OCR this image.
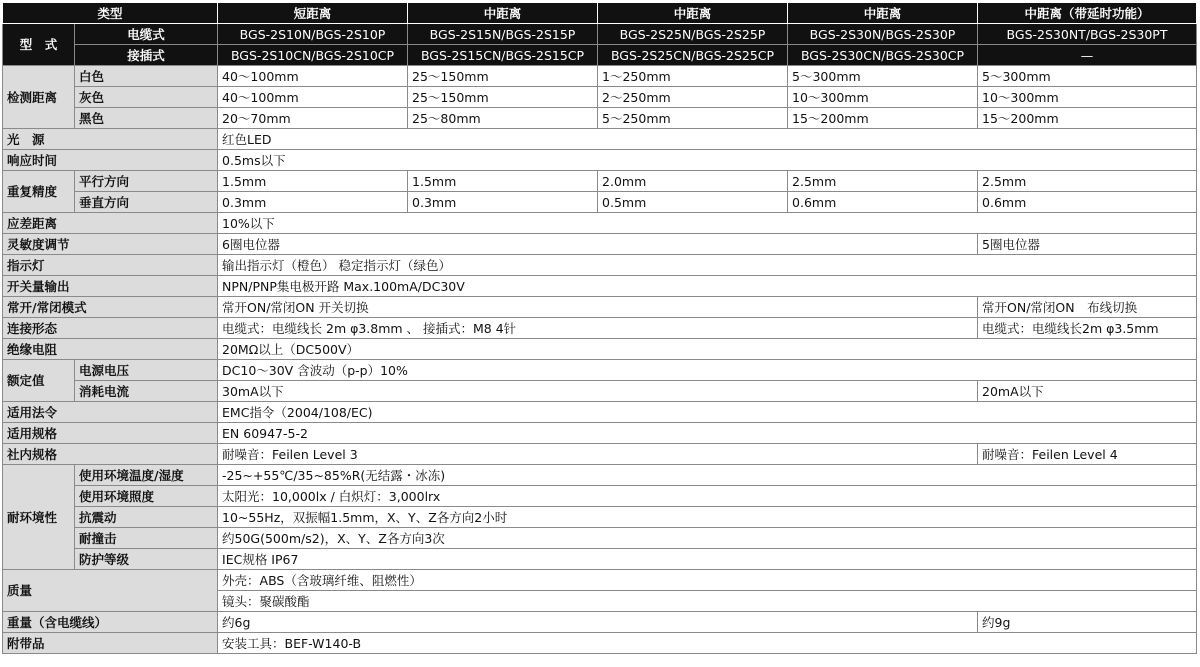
类型		短距离	中距离	中距离	中距离	中距离（带延时功能）
型　式	电缆式	BGS-2S10N/BGS-2S10P	BGS-2S15N/BGS-2S15P	BGS-2S25N/BGS-2S25P	BGS-2S30N/BGS-2S30P	BGS-2S30NT/BGS-2S30PT
	接插式	BGS-2S10CN/BGS-2S10CP	BGS-2S15CN/BGS-2S15CP	BGS-2S25CN/BGS-2S25CP	BGS-2S30CN/BGS-2S30CP	—
检测距离	白色	40～100mm	25～150mm	1～250mm	5～300mm	5～300mm
	灰色	40～100mm	25～150mm	2～250mm	10～300mm	10～300mm
	黑色	20～70mm	25～80mm	5～250mm	15～200mm	15～200mm
光　源		红色LED				
响应时间		0.5ms以下				
重复精度	平行方向	1.5mm	1.5mm	2.0mm	2.5mm	2.5mm
	垂直方向	0.3mm	0.3mm	0.5mm	0.6mm	0.6mm
应差距离		10%以下				
灵敏度调节		6圈电位器				5圈电位器
指示灯		输出指示灯（橙色） 稳定指示灯（绿色）				
开关量输出		NPN/PNP集电极开路 Max.100mA/DC30V				
常开/常闭模式		常开ON/常闭ON 开关切换				常开ON/常闭ON　布线切换
连接形态		电缆式：电缆线长 2m φ3.8mm 、 接插式：M8 4针				电缆式：电缆线长2m φ3.5mm
绝缘电阻		20MΩ以上（DC500V）				
额定值	电源电压	DC10～30V 含波动（p-p）10%				
	消耗电流	30mA以下				20mA以下
适用法令		EMC指令（2004/108/EC)				
适用规格		EN 60947-5-2				
社内规格		耐噪音：Feilen Level 3				耐噪音：Feilen Level 4
耐环境性	使用环境温度/湿度	-25~+55℃/35~85%R(无结露・冰冻)				
	使用环境照度	太阳光：10,000lx / 白炽灯：3,000lrx				
	抗震动	10~55Hz，双振幅1.5mm，X、Y、Z各方向2小时				
	耐撞击	约50G(500m/s2)，X、Y、Z各方向3次				
	防护等级	IEC规格 IP67				
质量		外壳：ABS（含玻璃纤维、阻燃性）				
		镜头：聚碳酸酯				
重量（含电缆线）		约6g				约9g
附带品		安装工具：BEF-W140-B				
